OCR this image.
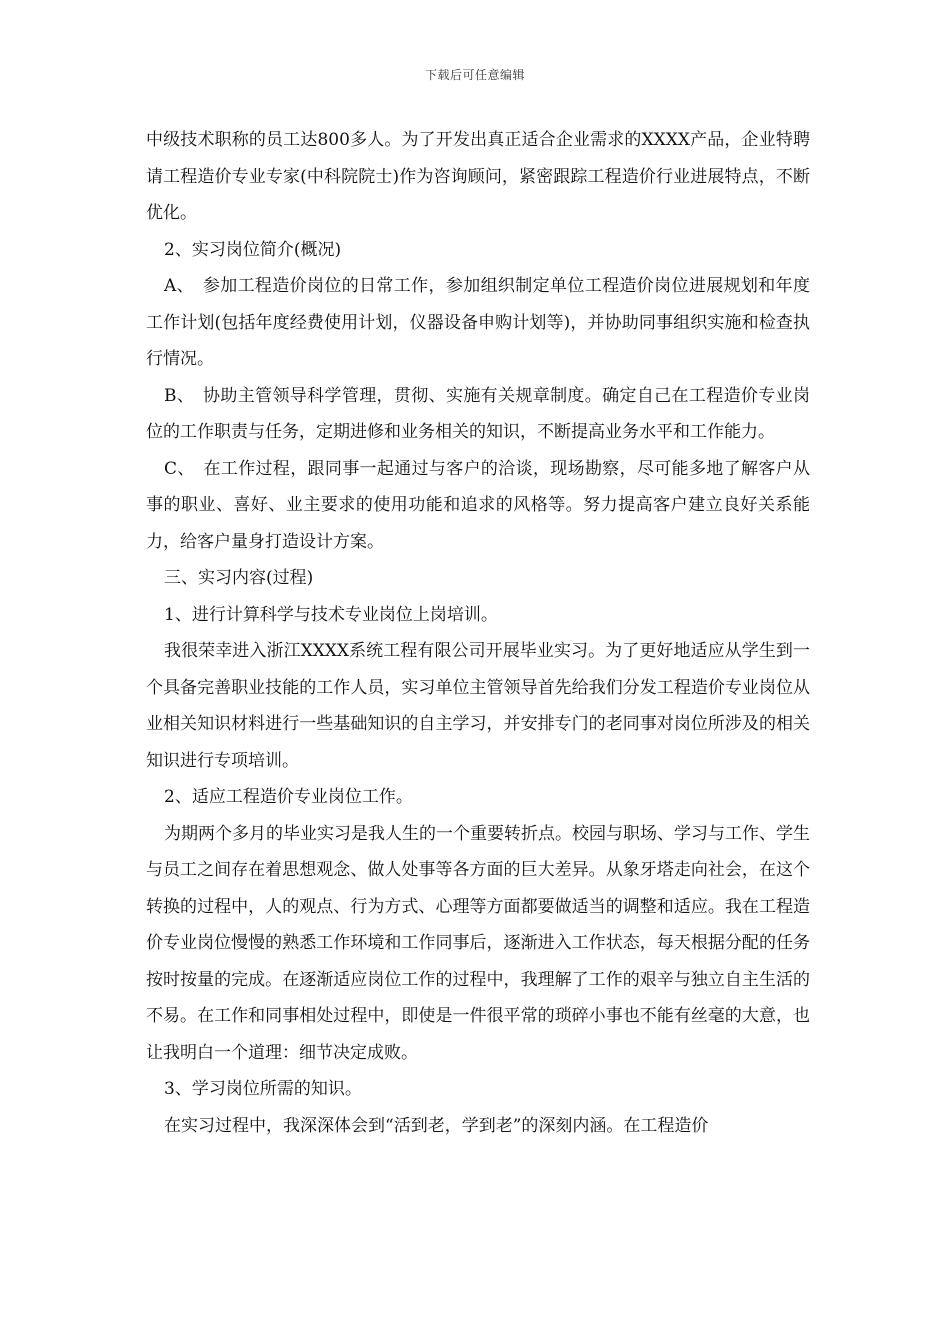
下载后可任意编辑

中级技术职称的员工达800多人。为了开发出真正适合企业需求的XXXX产品，企业特聘请工程造价专业专家(中科院院士)作为咨询顾问，紧密跟踪工程造价行业进展特点，不断优化。

2、实习岗位简介(概况)

A、　参加工程造价岗位的日常工作，参加组织制定单位工程造价岗位进展规划和年度工作计划(包括年度经费使用计划，仪器设备申购计划等)，并协助同事组织实施和检查执行情况。

B、　协助主管领导科学管理，贯彻、实施有关规章制度。确定自己在工程造价专业岗位的工作职责与任务，定期进修和业务相关的知识，不断提高业务水平和工作能力。

C、　在工作过程，跟同事一起通过与客户的洽谈，现场勘察，尽可能多地了解客户从事的职业、喜好、业主要求的使用功能和追求的风格等。努力提高客户建立良好关系能力，给客户量身打造设计方案。

三、实习内容(过程)

1、进行计算科学与技术专业岗位上岗培训。

我很荣幸进入浙江XXXX系统工程有限公司开展毕业实习。为了更好地适应从学生到一个具备完善职业技能的工作人员，实习单位主管领导首先给我们分发工程造价专业岗位从业相关知识材料进行一些基础知识的自主学习，并安排专门的老同事对岗位所涉及的相关知识进行专项培训。

2、适应工程造价专业岗位工作。

为期两个多月的毕业实习是我人生的一个重要转折点。校园与职场、学习与工作、学生与员工之间存在着思想观念、做人处事等各方面的巨大差异。从象牙塔走向社会，在这个转换的过程中，人的观点、行为方式、心理等方面都要做适当的调整和适应。我在工程造价专业岗位慢慢的熟悉工作环境和工作同事后，逐渐进入工作状态，每天根据分配的任务按时按量的完成。在逐渐适应岗位工作的过程中，我理解了工作的艰辛与独立自主生活的不易。在工作和同事相处过程中，即使是一件很平常的琐碎小事也不能有丝毫的大意，也让我明白一个道理：细节决定成败。

3、学习岗位所需的知识。

在实习过程中，我深深体会到“活到老，学到老”的深刻内涵。在工程造价
